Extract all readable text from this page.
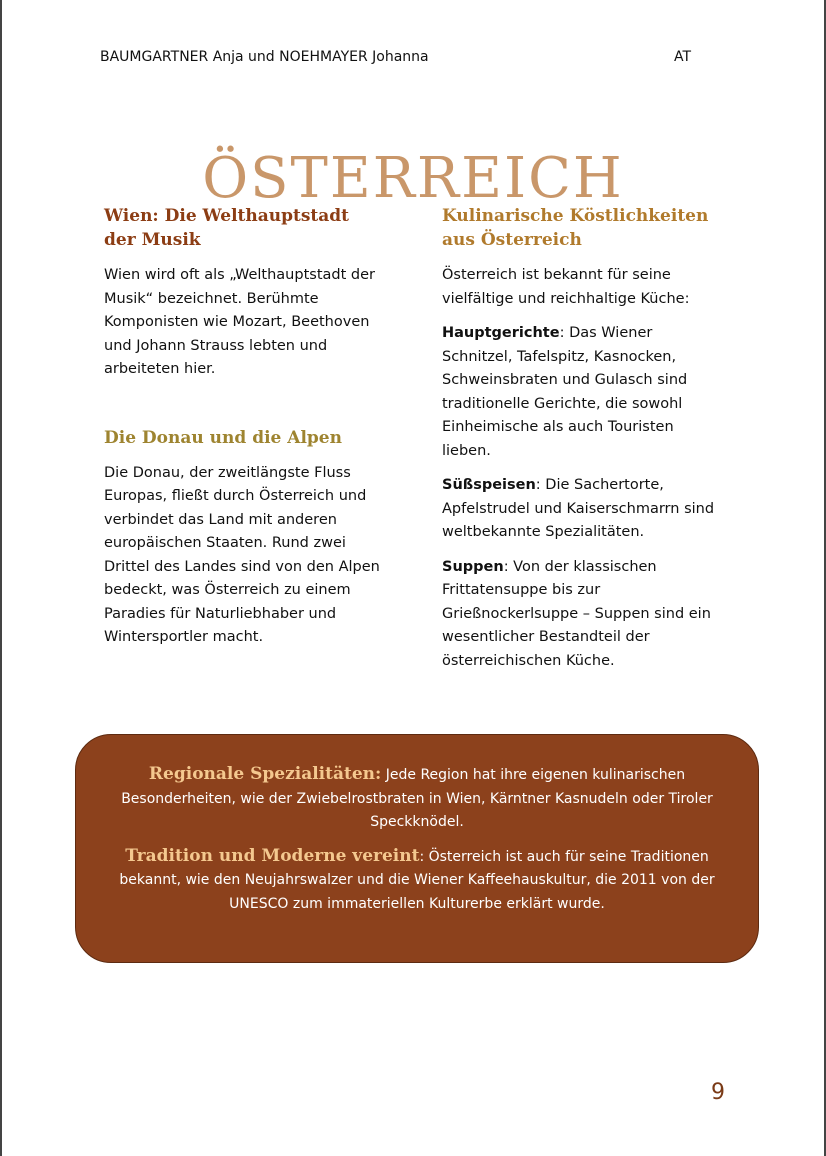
BAUMGARTNER Anja und NOEHMAYER Johanna	AT
ÖSTERREICH
Wien: Die Welthauptstadt der Musik

Wien wird oft als „Welthauptstadt der Musik“ bezeichnet. Berühmte Komponisten wie Mozart, Beethoven und Johann Strauss lebten und arbeiteten hier.

Die Donau und die Alpen

Die Donau, der zweitlängste Fluss Europas, fließt durch Österreich und verbindet das Land mit anderen europäischen Staaten. Rund zwei Drittel des Landes sind von den Alpen bedeckt, was Österreich zu einem Paradies für Naturliebhaber und Wintersportler macht.

Kulinarische Köstlichkeiten aus Österreich

Österreich ist bekannt für seine vielfältige und reichhaltige Küche:

Hauptgerichte: Das Wiener Schnitzel, Tafelspitz, Kasnocken, Schweinsbraten und Gulasch sind traditionelle Gerichte, die sowohl Einheimische als auch Touristen lieben.

Süßspeisen: Die Sachertorte, Apfelstrudel und Kaiserschmarrn sind weltbekannte Spezialitäten.

Suppen: Von der klassischen Frittatensuppe bis zur Grießnockerlsuppe – Suppen sind ein wesentlicher Bestandteil der österreichischen Küche.

Regionale Spezialitäten: Jede Region hat ihre eigenen kulinarischen Besonderheiten, wie der Zwiebelrostbraten in Wien, Kärntner Kasnudeln oder Tiroler Speckknödel.

Tradition und Moderne vereint: Österreich ist auch für seine Traditionen bekannt, wie den Neujahrswalzer und die Wiener Kaffeehauskultur, die 2011 von der UNESCO zum immateriellen Kulturerbe erklärt wurde.

9
